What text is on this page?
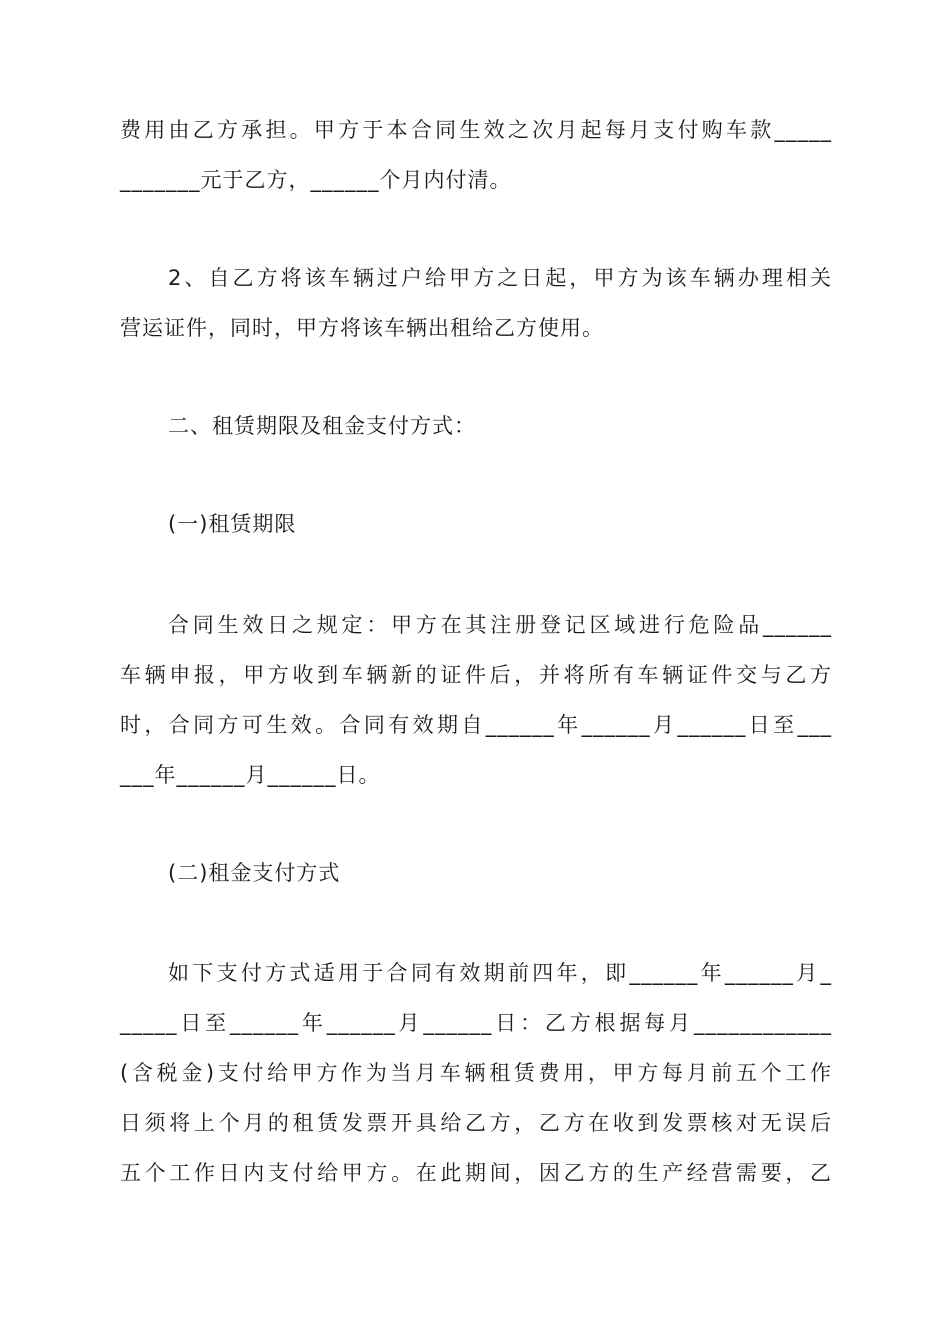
费用由乙方承担。甲方于本合同生效之次月起每月支付购车款_____
_______元于乙方，______个月内付清。

2、自乙方将该车辆过户给甲方之日起，甲方为该车辆办理相关
营运证件，同时，甲方将该车辆出租给乙方使用。

二、租赁期限及租金支付方式：

(一)租赁期限

合同生效日之规定：甲方在其注册登记区域进行危险品______
车辆申报，甲方收到车辆新的证件后，并将所有车辆证件交与乙方
时，合同方可生效。合同有效期自______年______月______日至___
___年______月______日。

(二)租金支付方式

如下支付方式适用于合同有效期前四年，即______年______月_
_____日至______年______月______日：乙方根据每月____________
(含税金)支付给甲方作为当月车辆租赁费用，甲方每月前五个工作
日须将上个月的租赁发票开具给乙方，乙方在收到发票核对无误后
五个工作日内支付给甲方。在此期间，因乙方的生产经营需要，乙
